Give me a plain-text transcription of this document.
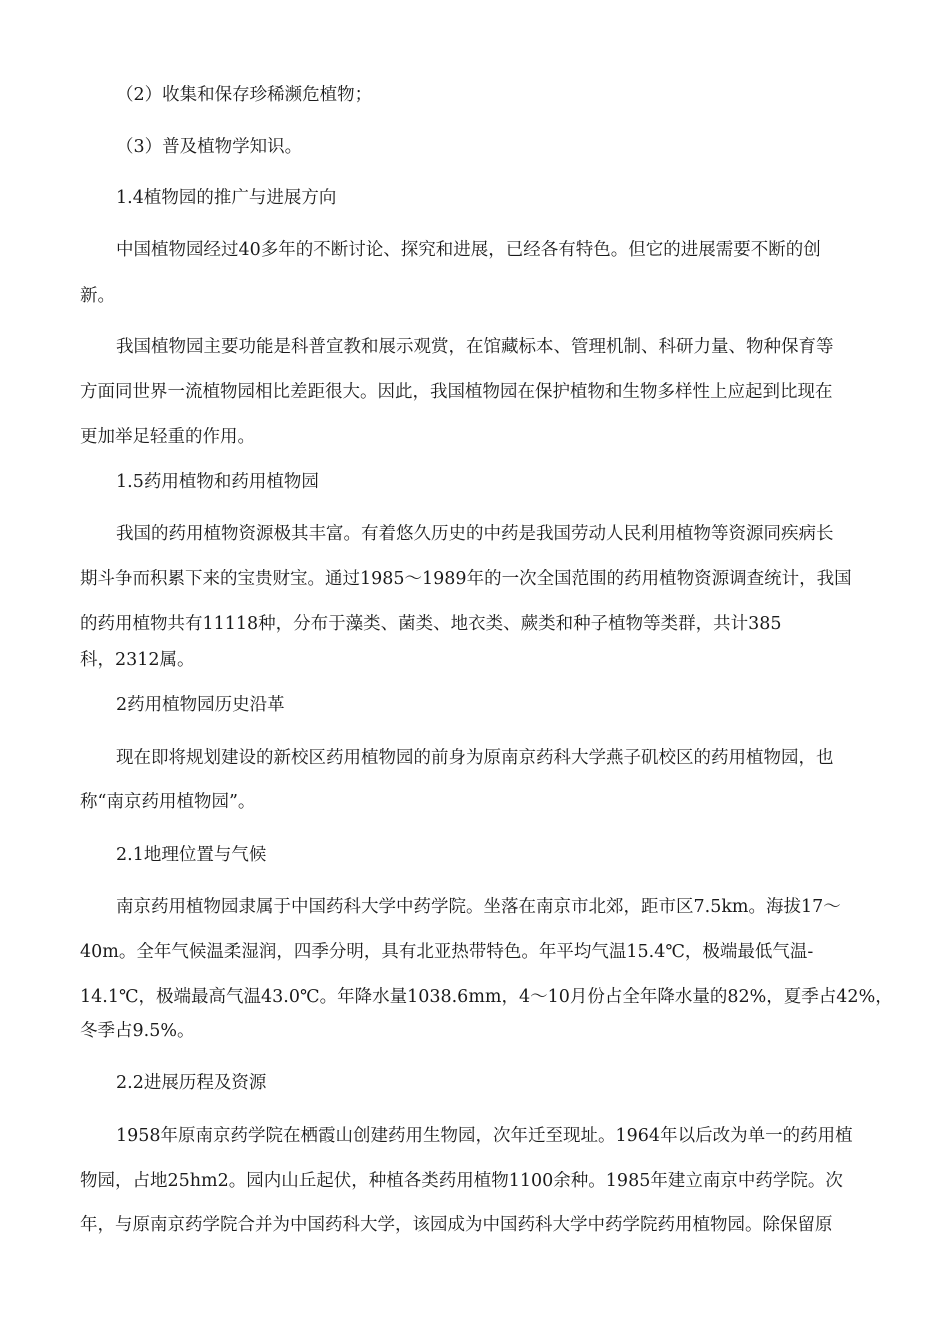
（2）收集和保存珍稀濒危植物；
（3）普及植物学知识。
1.4植物园的推广与进展方向
中国植物园经过40多年的不断讨论、探究和进展，已经各有特色。但它的进展需要不断的创
新。
我国植物园主要功能是科普宣教和展示观赏，在馆藏标本、管理机制、科研力量、物种保育等
方面同世界一流植物园相比差距很大。因此，我国植物园在保护植物和生物多样性上应起到比现在
更加举足轻重的作用。
1.5药用植物和药用植物园
我国的药用植物资源极其丰富。有着悠久历史的中药是我国劳动人民利用植物等资源同疾病长
期斗争而积累下来的宝贵财宝。通过1985～1989年的一次全国范围的药用植物资源调查统计，我国
的药用植物共有11118种，分布于藻类、菌类、地衣类、蕨类和种子植物等类群，共计385
科，2312属。
2药用植物园历史沿革
现在即将规划建设的新校区药用植物园的前身为原南京药科大学燕子矶校区的药用植物园，也
称“南京药用植物园”。
2.1地理位置与气候
南京药用植物园隶属于中国药科大学中药学院。坐落在南京市北郊，距市区7.5km。海拔17～
40m。全年气候温柔湿润，四季分明，具有北亚热带特色。年平均气温15.4℃，极端最低气温-
14.1℃，极端最高气温43.0℃。年降水量1038.6mm，4～10月份占全年降水量的82%，夏季占42%，
冬季占9.5%。
2.2进展历程及资源
1958年原南京药学院在栖霞山创建药用生物园，次年迁至现址。1964年以后改为单一的药用植
物园，占地25hm2。园内山丘起伏，种植各类药用植物1100余种。1985年建立南京中药学院。次
年，与原南京药学院合并为中国药科大学，该园成为中国药科大学中药学院药用植物园。除保留原
